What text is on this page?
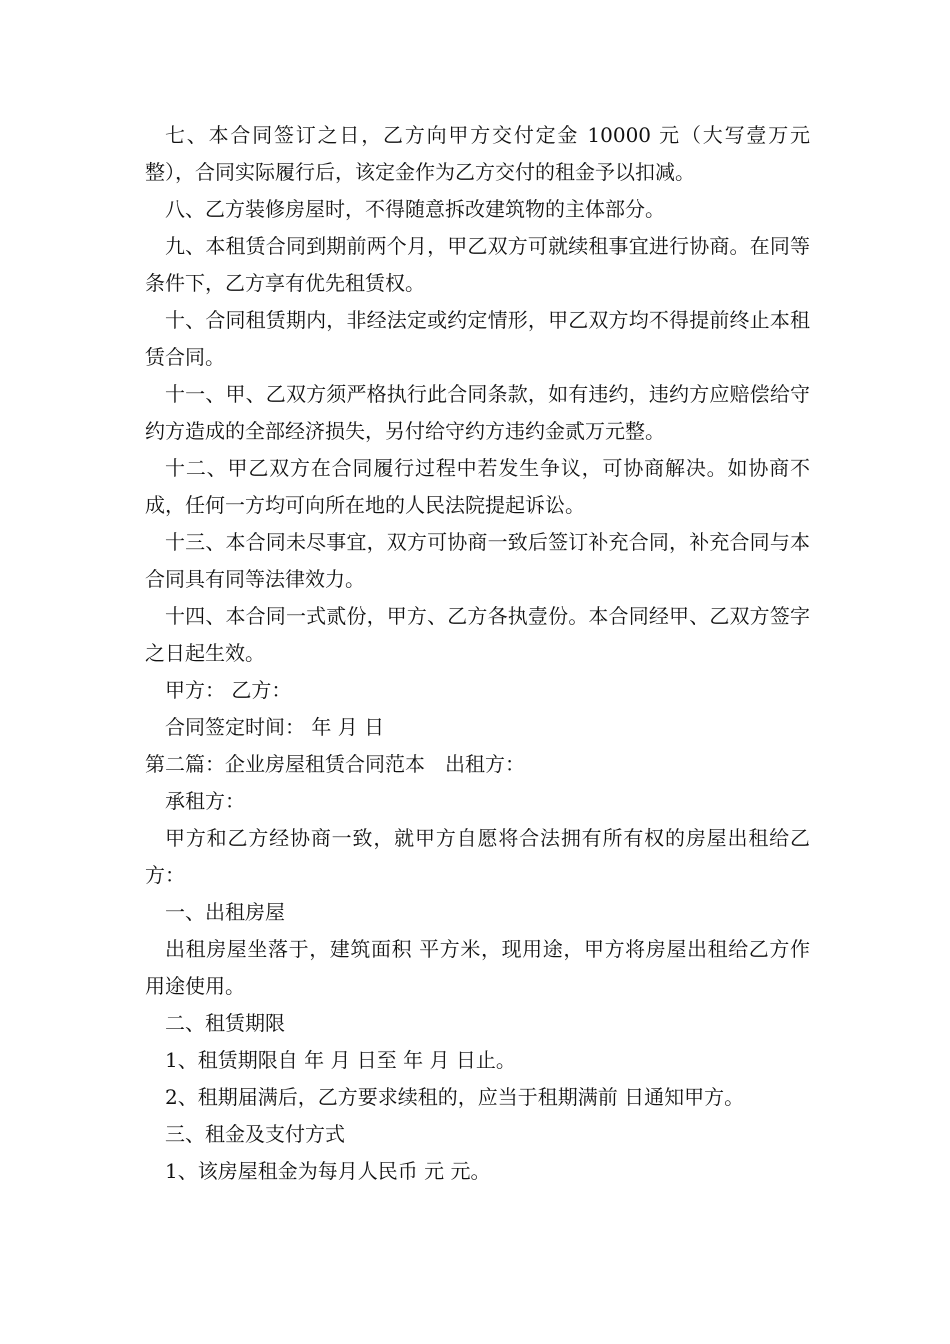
七、本合同签订之日，乙方向甲方交付定金 10000 元（大写壹万元整），合同实际履行后，该定金作为乙方交付的租金予以扣减。

八、乙方装修房屋时，不得随意拆改建筑物的主体部分。

九、本租赁合同到期前两个月，甲乙双方可就续租事宜进行协商。在同等条件下，乙方享有优先租赁权。

十、合同租赁期内，非经法定或约定情形，甲乙双方均不得提前终止本租赁合同。

十一、甲、乙双方须严格执行此合同条款，如有违约，违约方应赔偿给守约方造成的全部经济损失，另付给守约方违约金贰万元整。

十二、甲乙双方在合同履行过程中若发生争议，可协商解决。如协商不成，任何一方均可向所在地的人民法院提起诉讼。

十三、本合同未尽事宜，双方可协商一致后签订补充合同，补充合同与本合同具有同等法律效力。

十四、本合同一式贰份，甲方、乙方各执壹份。本合同经甲、乙双方签字之日起生效。

甲方： 乙方：

合同签定时间： 年 月 日

第二篇：企业房屋租赁合同范本　出租方：

承租方：

甲方和乙方经协商一致，就甲方自愿将合法拥有所有权的房屋出租给乙方：

一、出租房屋

出租房屋坐落于，建筑面积 平方米，现用途，甲方将房屋出租给乙方作 用途使用。

二、租赁期限

1、租赁期限自 年 月 日至 年 月 日止。

2、租期届满后，乙方要求续租的，应当于租期满前 日通知甲方。

三、租金及支付方式

1、该房屋租金为每月人民币 元 元。
